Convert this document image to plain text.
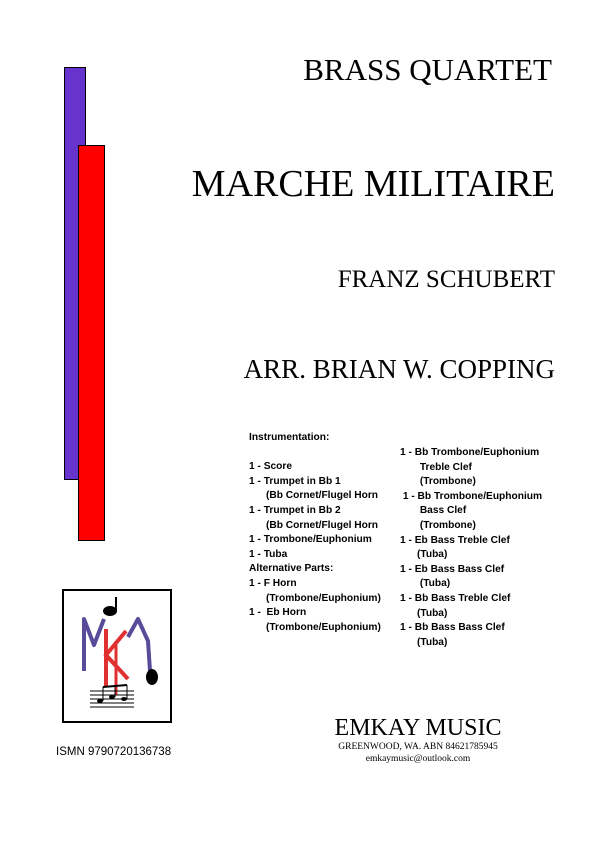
BRASS QUARTET
MARCHE MILITAIRE
FRANZ SCHUBERT
ARR. BRIAN W. COPPING
Instrumentation:

1 - Score
1 - Trumpet in Bb 1
(Bb Cornet/Flugel Horn
1 - Trumpet in Bb 2
(Bb Cornet/Flugel Horn
1 - Trombone/Euphonium
1 - Tuba
Alternative Parts:
1 - F Horn
(Trombone/Euphonium)
1 -  Eb Horn
(Trombone/Euphonium)
1 - Bb Trombone/Euphonium
Treble Clef
(Trombone)
1 - Bb Trombone/Euphonium
Bass Clef
(Trombone)
1 - Eb Bass Treble Clef
(Tuba)
1 - Eb Bass Bass Clef
(Tuba)
1 - Bb Bass Treble Clef
(Tuba)
1 - Bb Bass Bass Clef
(Tuba)
ISMN 9790720136738
EMKAY MUSIC
GREENWOOD, WA. ABN 84621785945
emkaymusic@outlook.com
